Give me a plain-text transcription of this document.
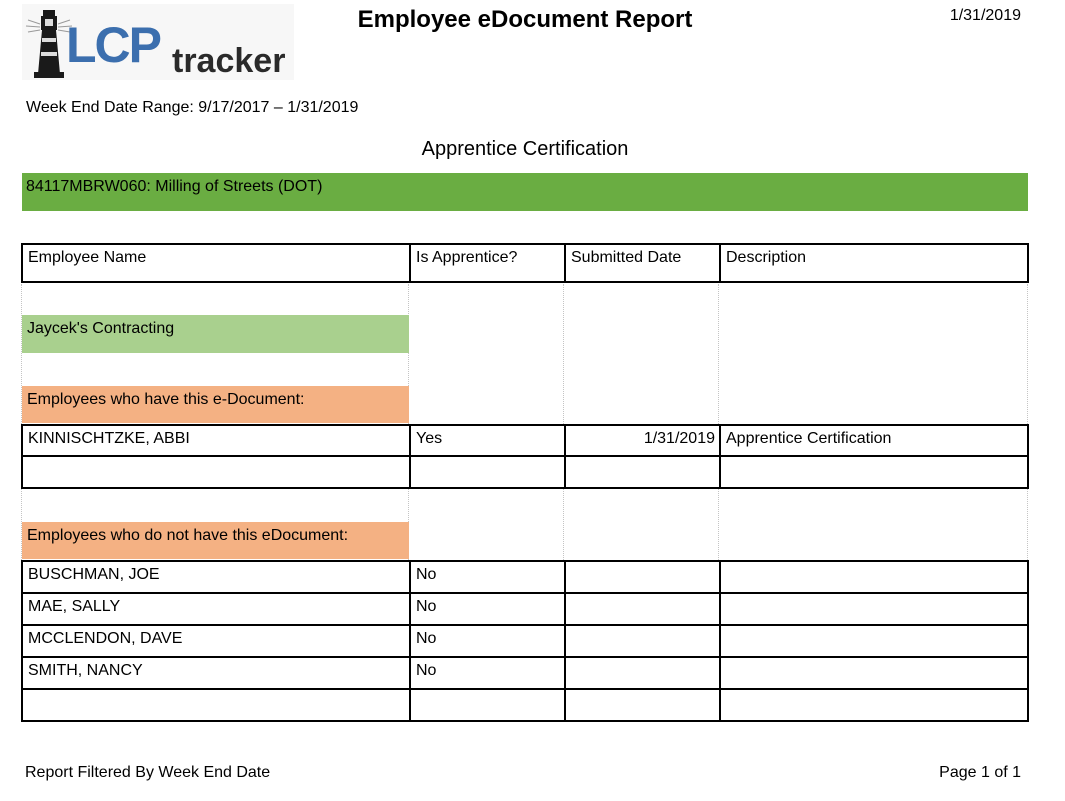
LCP tracker
Employee eDocument Report	1/31/2019
Week End Date Range: 9/17/2017 – 1/31/2019
Apprentice Certification
84117MBRW060: Milling of Streets (DOT)
Employee Name	Is Apprentice?	Submitted Date	Description
Jaycek's Contracting
Employees who have this e-Document:
KINNISCHTZKE, ABBI	Yes	1/31/2019 Apprentice Certification
Employees who do not have this eDocument:
BUSCHMAN, JOE	No
MAE, SALLY	No
MCCLENDON, DAVE	No
SMITH, NANCY	No
Report Filtered By Week End Date	Page 1 of 1
